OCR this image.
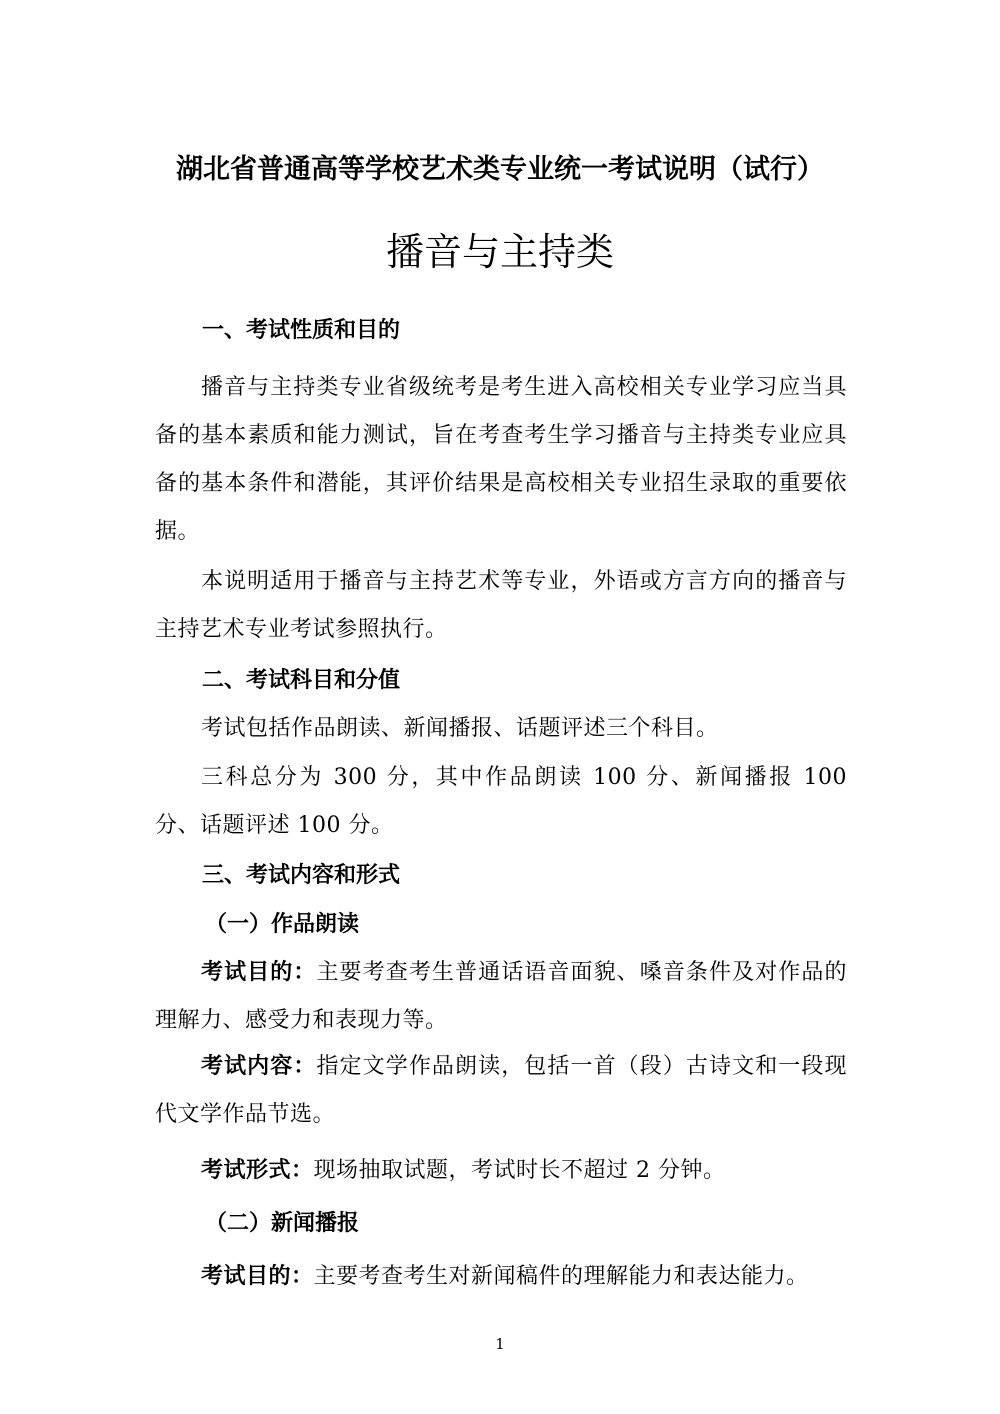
湖北省普通高等学校艺术类专业统一考试说明（试行）
播音与主持类
一、考试性质和目的
播音与主持类专业省级统考是考生进入高校相关专业学习应当具备的基本素质和能力测试，旨在考查考生学习播音与主持类专业应具备的基本条件和潜能，其评价结果是高校相关专业招生录取的重要依据。
本说明适用于播音与主持艺术等专业，外语或方言方向的播音与主持艺术专业考试参照执行。
二、考试科目和分值
考试包括作品朗读、新闻播报、话题评述三个科目。
三科总分为 300 分，其中作品朗读 100 分、新闻播报 100 分、话题评述 100 分。
三、考试内容和形式
（一）作品朗读
考试目的：主要考查考生普通话语音面貌、嗓音条件及对作品的理解力、感受力和表现力等。
考试内容：指定文学作品朗读，包括一首（段）古诗文和一段现代文学作品节选。
考试形式：现场抽取试题，考试时长不超过 2 分钟。
（二）新闻播报
考试目的：主要考查考生对新闻稿件的理解能力和表达能力。
1
